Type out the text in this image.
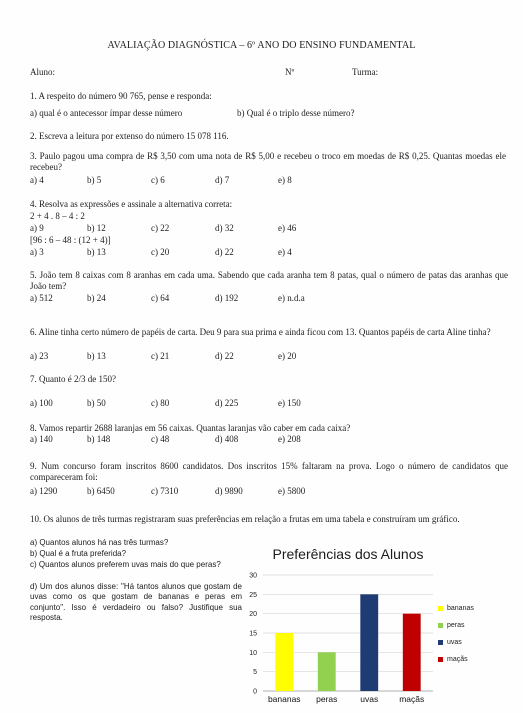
AVALIAÇÃO DIAGNÓSTICA – 6º ANO DO ENSINO FUNDAMENTAL
Aluno:	Nº	Turma:
1. A respeito do número 90 765, pense e responda:
a) qual é o antecessor ímpar desse número	b) Qual é o triplo desse número?
2. Escreva a leitura por extenso do número 15 078 116.
3. Paulo pagou uma compra de R$ 3,50 com uma nota de R$ 5,00 e recebeu o troco em moedas de R$ 0,25. Quantas moedas ele recebeu?
a) 4	b) 5	c) 6	d) 7	e) 8
4. Resolva as expressões e assinale a alternativa correta:
2 + 4 . 8 – 4 : 2
a) 9	b) 12	c) 22	d) 32	e) 46
[96 : 6 – 48 : (12 + 4)]
a) 3	b) 13	c) 20	d) 22	e) 4
5. João tem 8 caixas com 8 aranhas em cada uma. Sabendo que cada aranha tem 8 patas, qual o número de patas das aranhas que João tem?
a) 512	b) 24	c) 64	d) 192	e) n.d.a
6. Aline tinha certo número de papéis de carta. Deu 9 para sua prima e ainda ficou com 13. Quantos papéis de carta Aline tinha?
a) 23	b) 13	c) 21	d) 22	e) 20
7. Quanto é 2/3 de 150?
a) 100	b) 50	c) 80	d) 225	e) 150
8. Vamos repartir 2688 laranjas em 56 caixas. Quantas laranjas vão caber em cada caixa?
a) 140	b) 148	c) 48	d) 408	e) 208
9. Num concurso foram inscritos 8600 candidatos. Dos inscritos 15% faltaram na prova. Logo o número de candidatos que compareceram foi:
a) 1290	b) 6450	c) 7310	d) 9890	e) 5800
10. Os alunos de três turmas registraram suas preferências em relação a frutas em uma tabela e construíram um gráfico.
a) Quantos alunos há nas três turmas?
b) Qual é a fruta preferida?
c) Quantos alunos preferem uvas mais do que peras?
d) Um dos alunos disse: "Há tantos alunos que gostam de uvas como os que gostam de bananas e peras em conjunto". Isso é verdadeiro ou falso? Justifique sua resposta.
Preferências dos Alunos
0
5
10
15
20
25
30
bananas peras	uvas maçãs
bananas
peras
uvas
maçãs
